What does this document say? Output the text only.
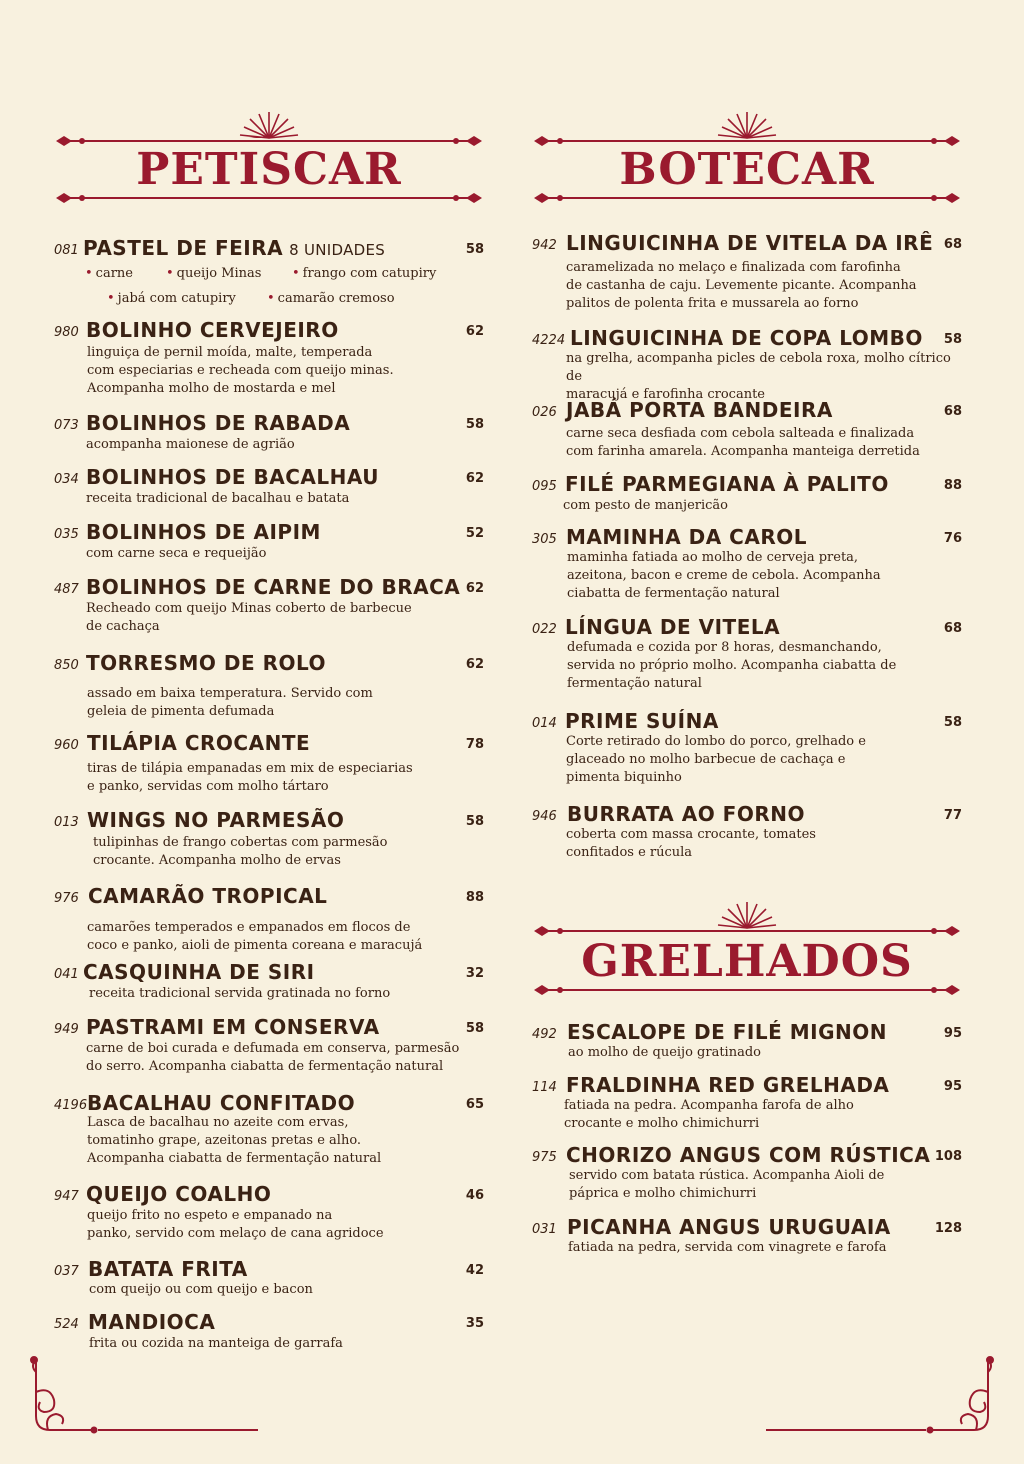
PETISCAR
081 PASTEL DE FEIRA 8 UNIDADES	58
• carne	• queijo Minas	• frango com catupiry
• jabá com catupiry	• camarão cremoso
980 BOLINHO CERVEJEIRO	62
linguiça de pernil moída, malte, temperada
com especiarias e recheada com queijo minas.
Acompanha molho de mostarda e mel
073 BOLINHOS DE RABADA	58
acompanha maionese de agrião
034 BOLINHOS DE BACALHAU	62
receita tradicional de bacalhau e batata
035 BOLINHOS DE AIPIM	52
com carne seca e requeijão
487 BOLINHOS DE CARNE DO BRACA 62
Recheado com queijo Minas coberto de barbecue
de cachaça
850 TORRESMO DE ROLO	62
assado em baixa temperatura. Servido com
geleia de pimenta defumada
960 TILÁPIA CROCANTE	78
tiras de tilápia empanadas em mix de especiarias
e panko, servidas com molho tártaro
013 WINGS NO PARMESÃO	58
tulipinhas de frango cobertas com parmesão
crocante. Acompanha molho de ervas
976 CAMARÃO TROPICAL	88
camarões temperados e empanados em flocos de
coco e panko, aioli de pimenta coreana e maracujá
041 CASQUINHA DE SIRI	32
receita tradicional servida gratinada no forno
949 PASTRAMI EM CONSERVA	58
carne de boi curada e defumada em conserva, parmesão
do serro. Acompanha ciabatta de fermentação natural
4196 BACALHAU CONFITADO	65
Lasca de bacalhau no azeite com ervas,
tomatinho grape, azeitonas pretas e alho.
Acompanha ciabatta de fermentação natural
947 QUEIJO COALHO	46
queijo frito no espeto e empanado na
panko, servido com melaço de cana agridoce
037 BATATA FRITA	42
com queijo ou com queijo e bacon
524 MANDIOCA	35
frita ou cozida na manteiga de garrafa
BOTECAR
GRELHADOS
942 LINGUICINHA DE VITELA DA IRÊ 68
caramelizada no melaço e finalizada com farofinha
de castanha de caju. Levemente picante. Acompanha
palitos de polenta frita e mussarela ao forno
4224 LINGUICINHA DE COPA LOMBO 58
na grelha, acompanha picles de cebola roxa, molho cítrico de
maracujá e farofinha crocante
026 JABÁ PORTA BANDEIRA	68
carne seca desfiada com cebola salteada e finalizada
com farinha amarela. Acompanha manteiga derretida
095 FILÉ PARMEGIANA À PALITO	88
com pesto de manjericão
305 MAMINHA DA CAROL	76
maminha fatiada ao molho de cerveja preta,
azeitona, bacon e creme de cebola. Acompanha
ciabatta de fermentação natural
022 LÍNGUA DE VITELA	68
defumada e cozida por 8 horas, desmanchando,
servida no próprio molho. Acompanha ciabatta de
fermentação natural
014 PRIME SUÍNA	58
Corte retirado do lombo do porco, grelhado e
glaceado no molho barbecue de cachaça e
pimenta biquinho
946 BURRATA AO FORNO	77
coberta com massa crocante, tomates
confitados e rúcula
492 ESCALOPE DE FILÉ MIGNON	95
ao molho de queijo gratinado
114 FRALDINHA RED GRELHADA	95
fatiada na pedra. Acompanha farofa de alho
crocante e molho chimichurri
975 CHORIZO ANGUS COM RÚSTICA 108
servido com batata rústica. Acompanha Aioli de
páprica e molho chimichurri
031 PICANHA ANGUS URUGUAIA	128
fatiada na pedra, servida com vinagrete e farofa
